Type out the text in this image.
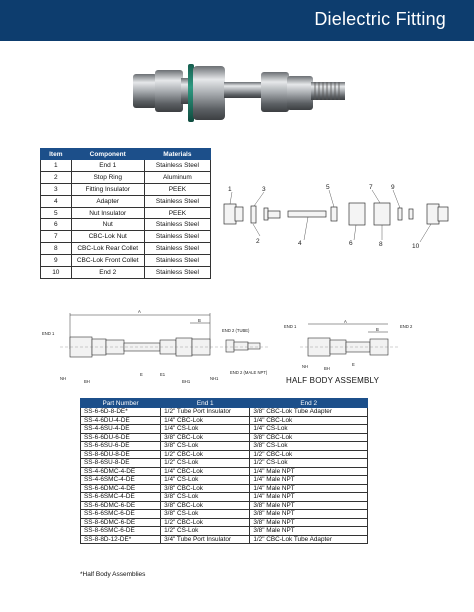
Dielectric Fitting
Item	Component	Materials
1	End 1	Stainless Steel
2	Stop Ring	Aluminum
3	Fitting Insulator	PEEK
4	Adapter	Stainless Steel
5	Nut Insulator	PEEK
6	Nut	Stainless Steel
7	CBC-Lok Nut	Stainless Steel
8	CBC-Lok Rear Collet	Stainless Steel
9	CBC-Lok Front Collet	Stainless Steel
10	End 2	Stainless Steel
1
2
3
4
5
6
7
8
9
10
A
B
END 1
END 2 (TUBE)
END 2 (MALE NPT)
E	E1
NH	NH1
BH	BH1
END 1	END 2
A
B
E
NH	BH
HALF BODY ASSEMBLY
Part Number	End 1	End 2
SS-6-6D-8-DE*	1/2" Tube Port Insulator	3/8" CBC-Lok Tube Adapter
SS-4-6DU-4-DE	1/4" CBC-Lok	1/4" CBC-Lok
SS-4-6SU-4-DE	1/4" CS-Lok	1/4" CS-Lok
SS-6-6DU-6-DE	3/8" CBC-Lok	3/8" CBC-Lok
SS-6-6SU-6-DE	3/8" CS-Lok	3/8" CS-Lok
SS-8-6DU-8-DE	1/2" CBC-Lok	1/2" CBC-Lok
SS-8-6SU-8-DE	1/2" CS-Lok	1/2" CS-Lok
SS-4-6DMC-4-DE	1/4" CBC-Lok	1/4" Male NPT
SS-4-6SMC-4-DE	1/4" CS-Lok	1/4" Male NPT
SS-6-6DMC-4-DE	3/8" CBC-Lok	1/4" Male NPT
SS-6-6SMC-4-DE	3/8" CS-Lok	1/4" Male NPT
SS-6-6DMC-6-DE	3/8" CBC-Lok	3/8" Male NPT
SS-6-6SMC-6-DE	3/8" CS-Lok	3/8" Male NPT
SS-8-6DMC-6-DE	1/2" CBC-Lok	3/8" Male NPT
SS-8-6SMC-6-DE	1/2" CS-Lok	3/8" Male NPT
SS-8-8D-12-DE*	3/4" Tube Port Insulator	1/2" CBC-Lok Tube Adapter
*Half Body Assemblies
